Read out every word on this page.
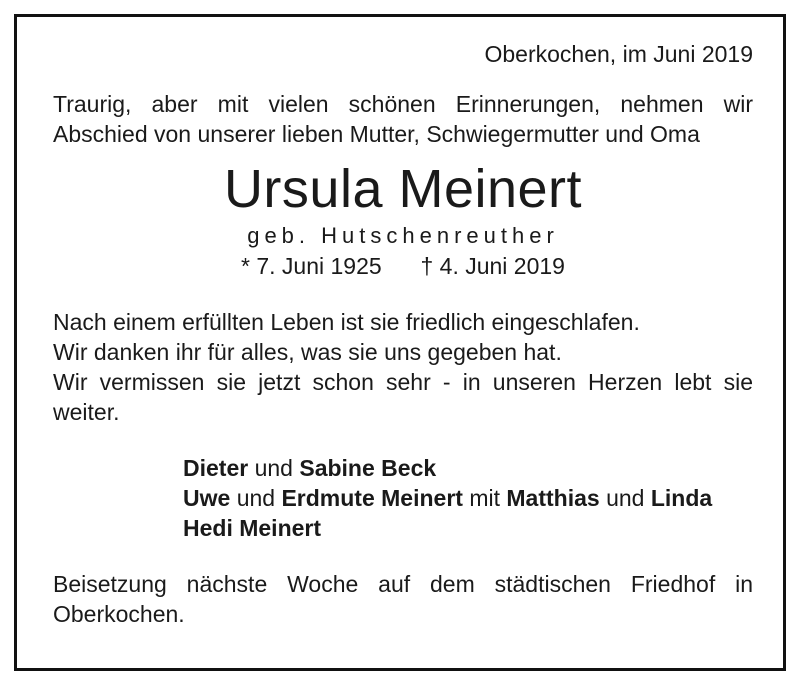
Oberkochen, im Juni 2019

Traurig, aber mit vielen schönen Erinnerungen, nehmen wir
Abschied von unserer lieben Mutter, Schwiegermutter und Oma

Ursula Meinert

geb. Hutschenreuther

* 7. Juni 1925 † 4. Juni 2019

Nach einem erfüllten Leben ist sie friedlich eingeschlafen.
Wir danken ihr für alles, was sie uns gegeben hat.
Wir vermissen sie jetzt schon sehr - in unseren Herzen lebt sie
weiter.

Dieter und Sabine Beck
Uwe und Erdmute Meinert mit Matthias und Linda
Hedi Meinert

Beisetzung nächste Woche auf dem städtischen Friedhof in
Oberkochen.
